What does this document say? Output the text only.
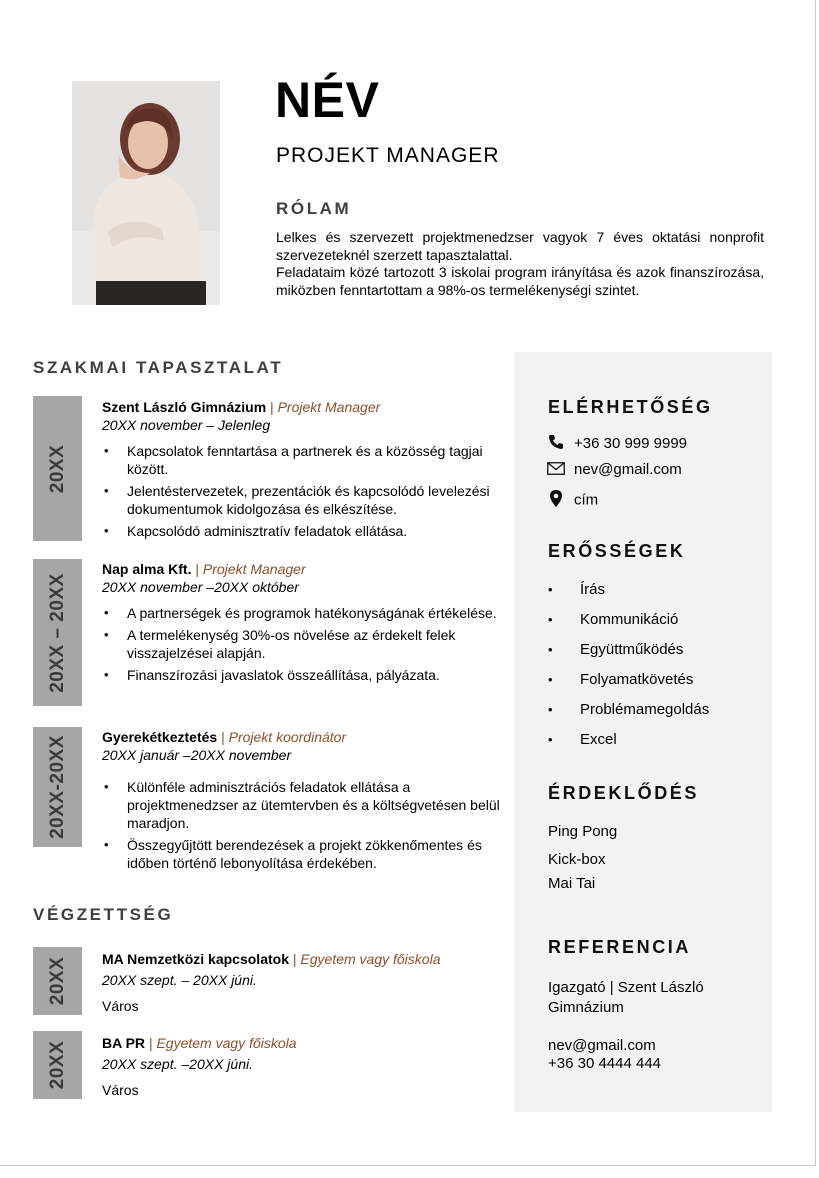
NÉV
PROJEKT MANAGER
RÓLAM

Lelkes és szervezett projektmenedzser vagyok 7 éves oktatási nonprofit szervezeteknél szerzett tapasztalattal.

Feladataim közé tartozott 3 iskolai program irányítása és azok finanszírozása, miközben fenntartottam a 98%-os termelékenységi szintet.

SZAKMAI TAPASZTALAT
20XX
Szent László Gimnázium | Projekt Manager
20XX november – Jelenleg
• Kapcsolatok fenntartása a partnerek és a közösség tagjai között.
• Jelentéstervezetek, prezentációk és kapcsolódó levelezési dokumentumok kidolgozása és elkészítése.
• Kapcsolódó adminisztratív feladatok ellátása.
20XX – 20XX
Nap alma Kft. | Projekt Manager
20XX november –20XX október
• A partnerségek és programok hatékonyságának értékelése.
• A termelékenység 30%-os növelése az érdekelt felek visszajelzései alapján.
• Finanszírozási javaslatok összeállítása, pályázata.
20XX-20XX Gyerekétkeztetés | Projekt koordinátor
20XX január –20XX november
• Különféle adminisztrációs feladatok ellátása a projektmenedzser az ütemtervben és a költségvetésen belül maradjon.
• Összegyűjtött berendezések a projekt zökkenőmentes és időben történő lebonyolítása érdekében.
VÉGZETTSÉG
20XX MA Nemzetközi kapcsolatok | Egyetem vagy főiskola
20XX szept. – 20XX júni.
Város
20XX BA PR | Egyetem vagy főiskola
20XX szept. –20XX júni.
Város
ELÉRHETŐSÉG
+36 30 999 9999
nev@gmail.com
cím
ERŐSSÉGEK
• Írás
• Kommunikáció
• Együttműködés
• Folyamatkövetés
• Problémamegoldás
• Excel
ÉRDEKLŐDÉS
Ping Pong
Kick-box
Mai Tai
REFERENCIA
Igazgató | Szent László
Gimnázium
nev@gmail.com
+36 30 4444 444
